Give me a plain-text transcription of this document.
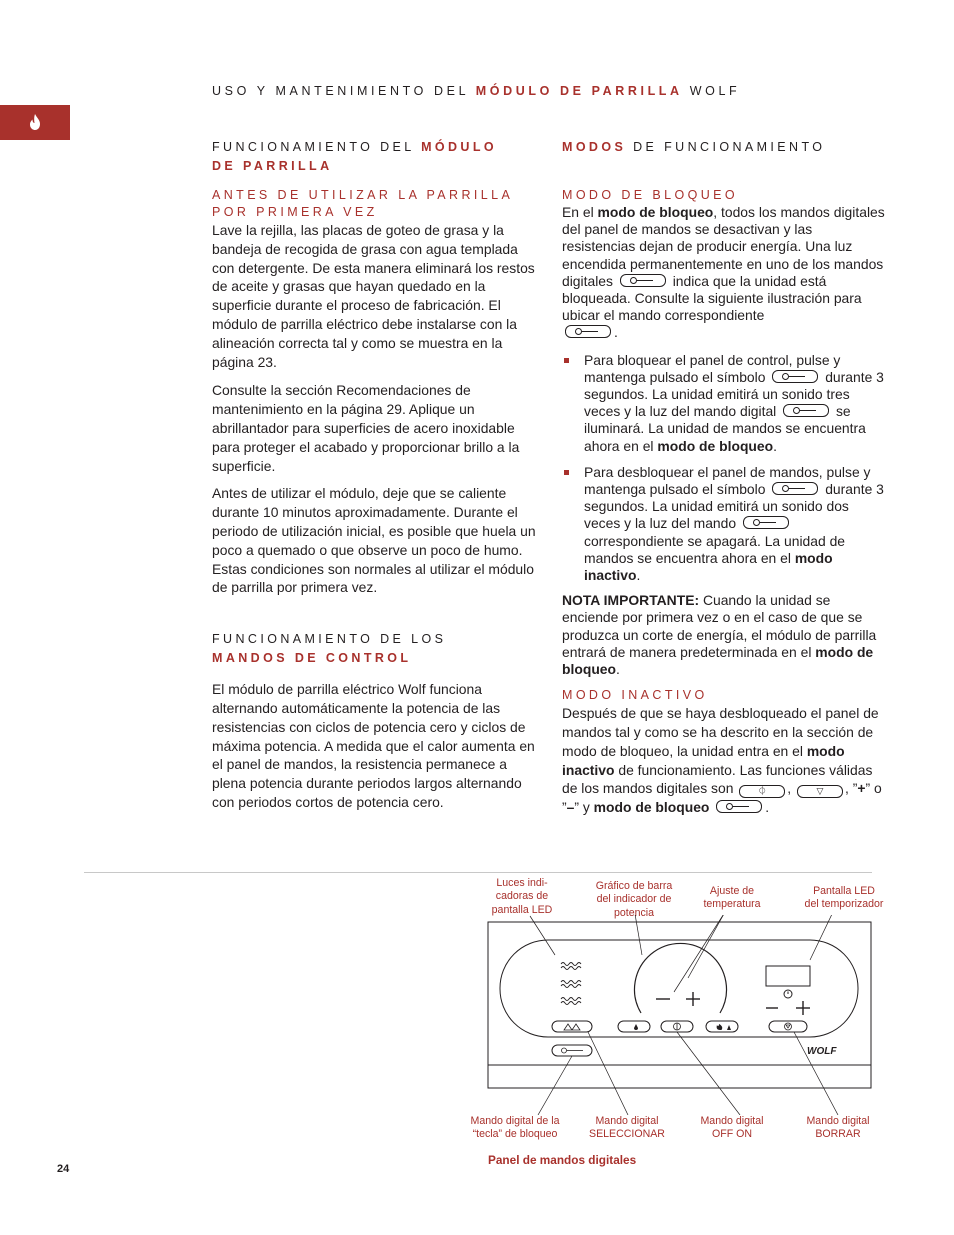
USO Y MANTENIMIENTO DEL MÓDULO DE PARRILLA WOLF
FUNCIONAMIENTO DEL MÓDULO
DE PARRILLA
ANTES DE UTILIZAR LA PARRILLA
POR PRIMERA VEZ

Lave la rejilla, las placas de goteo de grasa y la bandeja de recogida de grasa con agua templada con detergente. De esta manera eliminará los restos de aceite y grasas que hayan quedado en la superficie durante el proceso de fabricación. El módulo de parrilla eléctrico debe instalarse con la alineación correcta tal y como se muestra en la página 23.

Consulte la sección Recomendaciones de mantenimiento en la página 29. Aplique un abrillantador para superficies de acero inoxidable para proteger el acabado y proporcionar brillo a la superficie.

Antes de utilizar el módulo, deje que se caliente durante 10 minutos aproximadamente. Durante el periodo de utilización inicial, es posible que huela un poco a quemado o que observe un poco de humo. Estas condiciones son normales al utilizar el módulo de parrilla por primera vez.

FUNCIONAMIENTO DE LOS
MANDOS DE CONTROL

El módulo de parrilla eléctrico Wolf funciona alternando automáticamente la potencia de las resistencias con ciclos de potencia cero y ciclos de máxima potencia. A medida que el calor aumenta en el panel de mandos, la resistencia permanece a plena potencia durante periodos largos alternando con periodos cortos de potencia cero.

MODOS DE FUNCIONAMIENTO
MODO DE BLOQUEO

En el modo de bloqueo, todos los mandos digitales del panel de mandos se desactivan y las resistencias dejan de producir energía. Una luz encendida permanentemente en uno de los mandos digitales	indica que la unidad está bloqueada. Consulte la siguiente ilustración para ubicar el mando correspondiente
.

Para bloquear el panel de control, pulse y mantenga pulsado el símbolo	durante 3 segundos. La unidad emitirá un sonido tres veces y la luz del mando digital	se iluminará. La unidad de mandos se encuentra ahora en el modo de bloqueo.
Para desbloquear el panel de mandos, pulse y mantenga pulsado el símbolo	durante 3 segundos. La unidad emitirá un sonido dos veces y la luz del mando  correspondiente se apagará. La unidad de mandos se encuentra ahora en el modo inactivo.

NOTA IMPORTANTE: Cuando la unidad se enciende por primera vez o en el caso de que se produzca un corte de energía, el módulo de parrilla entrará de manera predeterminada en el modo de bloqueo.

MODO INACTIVO

Después de que se haya desbloqueado el panel de mandos tal y como se ha descrito en la sección de modo de bloqueo, la unidad entra en el modo inactivo de funcionamiento. Las funciones válidas de los mandos digitales son	⏀ ,	▽ , ”+” o ”–” y modo de bloqueo	.

Luces indi-
cadoras de
pantalla LED
Gráfico de barra
del indicador de
potencia
Ajuste de
temperatura
Pantalla LED
del temporizador
Mando digital de la
“tecla” de bloqueo
Mando digital
SELECCIONAR
Mando digital
OFF ON
Mando digital
BORRAR
WOLF
24
Panel de mandos digitales
